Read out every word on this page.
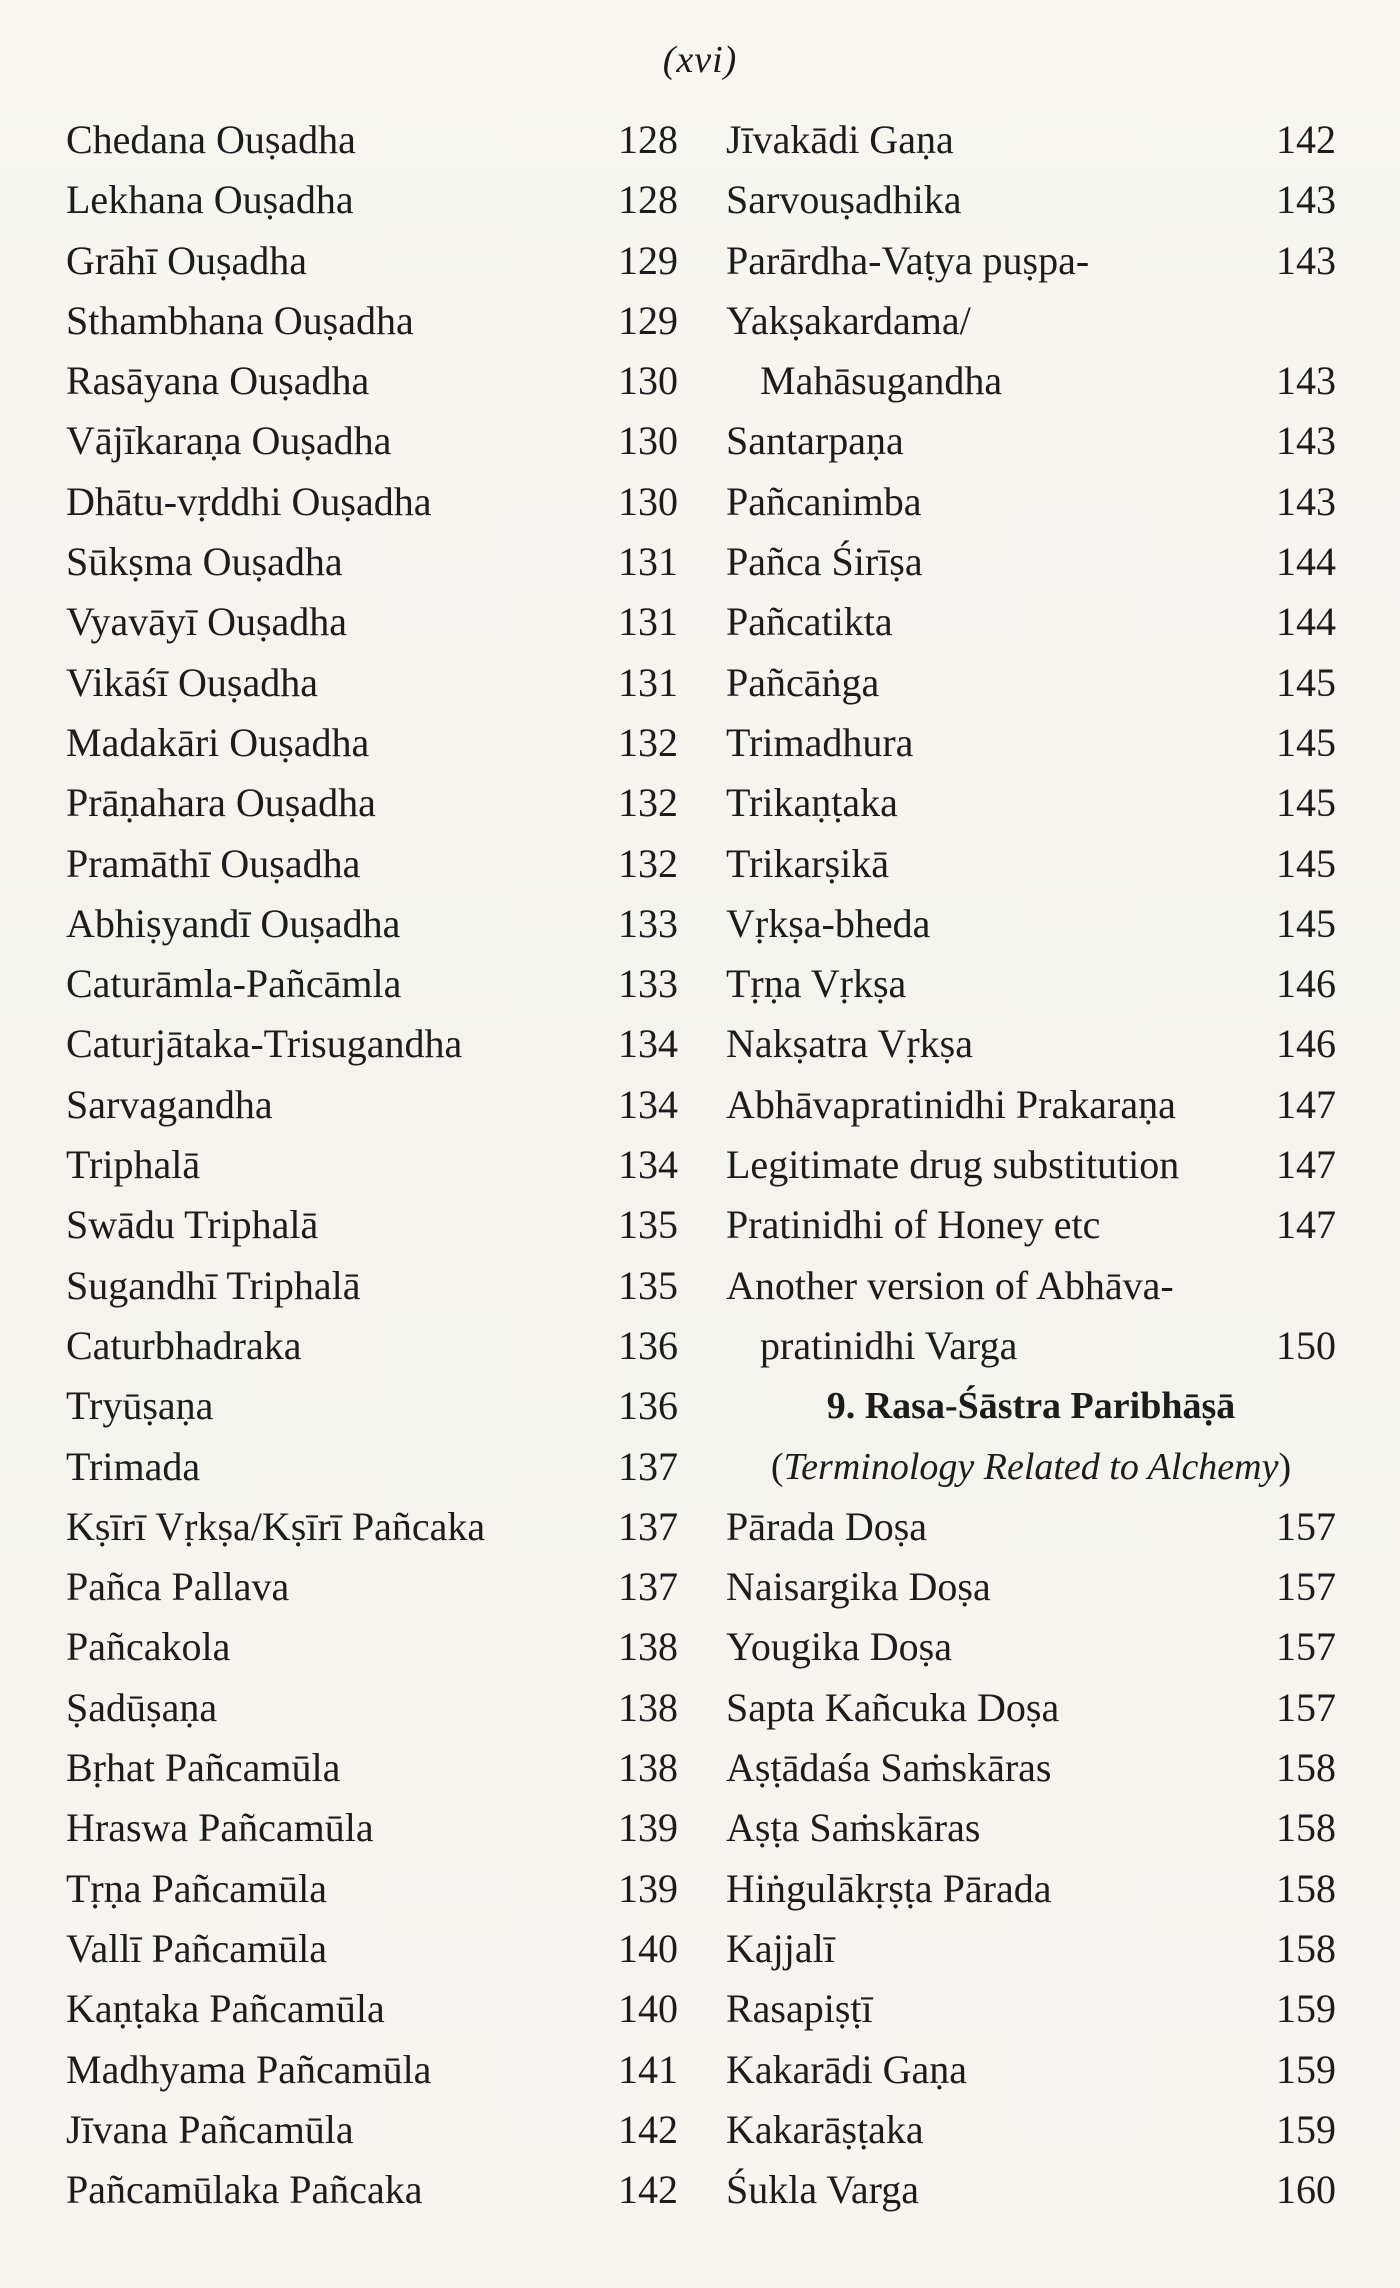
(xvi)
Chedana Ouṣadha	128
Lekhana Ouṣadha	128
Grāhī Ouṣadha	129
Sthambhana Ouṣadha	129
Rasāyana Ouṣadha	130
Vājīkaraṇa Ouṣadha	130
Dhātu-vṛddhi Ouṣadha	130
Sūkṣma Ouṣadha	131
Vyavāyī Ouṣadha	131
Vikāśī Ouṣadha	131
Madakāri Ouṣadha	132
Prāṇahara Ouṣadha	132
Pramāthī Ouṣadha	132
Abhiṣyandī Ouṣadha	133
Caturāmla-Pañcāmla	133
Caturjātaka-Trisugandha	134
Sarvagandha	134
Triphalā	134
Swādu Triphalā	135
Sugandhī Triphalā	135
Caturbhadraka	136
Tryūṣaṇa	136
Trimada	137
Kṣīrī Vṛkṣa/Kṣīrī Pañcaka	137
Pañca Pallava	137
Pañcakola	138
Ṣadūṣaṇa	138
Bṛhat Pañcamūla	138
Hraswa Pañcamūla	139
Tṛṇa Pañcamūla	139
Vallī Pañcamūla	140
Kaṇṭaka Pañcamūla	140
Madhyama Pañcamūla	141
Jīvana Pañcamūla	142
Pañcamūlaka Pañcaka	142
Jīvakādi Gaṇa	142
Sarvouṣadhika	143
Parārdha-Vaṭya puṣpa-	143
Yakṣakardama/
Mahāsugandha	143
Santarpaṇa	143
Pañcanimba	143
Pañca Śirīṣa	144
Pañcatikta	144
Pañcāṅga	145
Trimadhura	145
Trikaṇṭaka	145
Trikarṣikā	145
Vṛkṣa-bheda	145
Tṛṇa Vṛkṣa	146
Nakṣatra Vṛkṣa	146
Abhāvapratinidhi Prakaraṇa	147
Legitimate drug substitution 147
Pratinidhi of Honey etc	147
Another version of Abhāva-
pratinidhi Varga	150
9. Rasa-Śāstra Paribhāṣā
(Terminology Related to Alchemy)
Pārada Doṣa	157
Naisargika Doṣa	157
Yougika Doṣa	157
Sapta Kañcuka Doṣa	157
Aṣṭādaśa Saṁskāras	158
Aṣṭa Saṁskāras	158
Hiṅgulākṛṣṭa Pārada	158
Kajjalī	158
Rasapiṣṭī	159
Kakarādi Gaṇa	159
Kakarāṣṭaka	159
Śukla Varga	160
